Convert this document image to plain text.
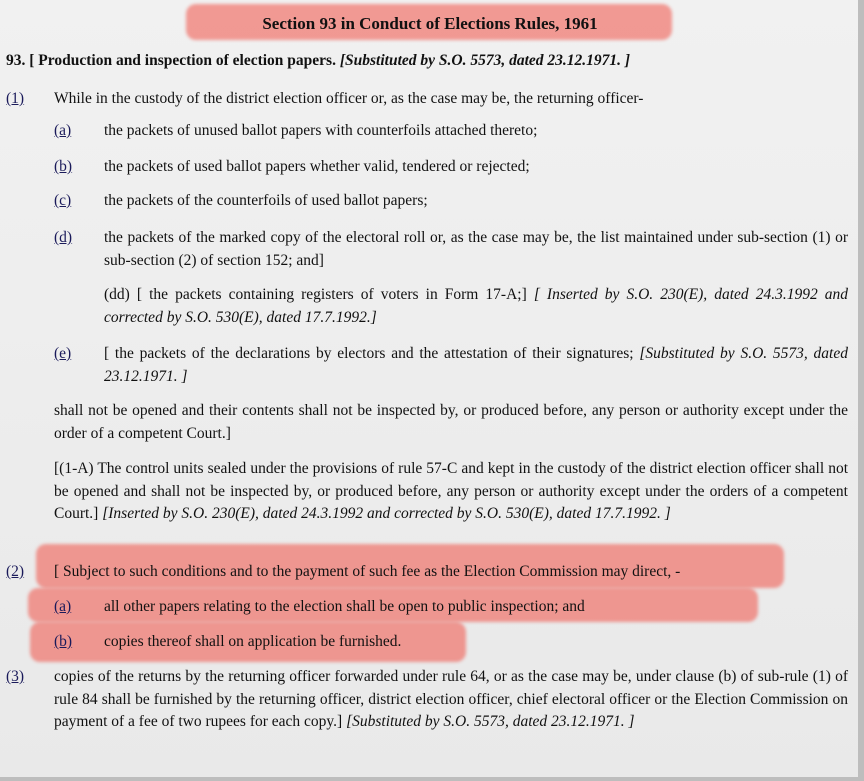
Section 93 in Conduct of Elections Rules, 1961
93. [ Production and inspection of election papers. [Substituted by S.O. 5573, dated 23.12.1971. ]
(1) While in the custody of the district election officer or, as the case may be, the returning officer-
(a) the packets of unused ballot papers with counterfoils attached thereto;
(b) the packets of used ballot papers whether valid, tendered or rejected;
(c) the packets of the counterfoils of used ballot papers;
(d) the packets of the marked copy of the electoral roll or, as the case may be, the list maintained under sub-section (1) or sub-section (2) of section 152; and]
(dd) [ the packets containing registers of voters in Form 17-A;] [ Inserted by S.O. 230(E), dated 24.3.1992 and corrected by S.O. 530(E), dated 17.7.1992.]
(e) [ the packets of the declarations by electors and the attestation of their signatures; [Substituted by S.O. 5573, dated 23.12.1971. ]
shall not be opened and their contents shall not be inspected by, or produced before, any person or authority except under the order of a competent Court.]
[(1-A) The control units sealed under the provisions of rule 57-C and kept in the custody of the district election officer shall not be opened and shall not be inspected by, or produced before, any person or authority except under the orders of a competent Court.] [Inserted by S.O. 230(E), dated 24.3.1992 and corrected by S.O. 530(E), dated 17.7.1992. ]
(2) [ Subject to such conditions and to the payment of such fee as the Election Commission may direct, -
(a) all other papers relating to the election shall be open to public inspection; and
(b) copies thereof shall on application be furnished.
(3) copies of the returns by the returning officer forwarded under rule 64, or as the case may be, under clause (b) of sub-rule (1) of rule 84 shall be furnished by the returning officer, district election officer, chief electoral officer or the Election Commission on payment of a fee of two rupees for each copy.] [Substituted by S.O. 5573, dated 23.12.1971. ]
